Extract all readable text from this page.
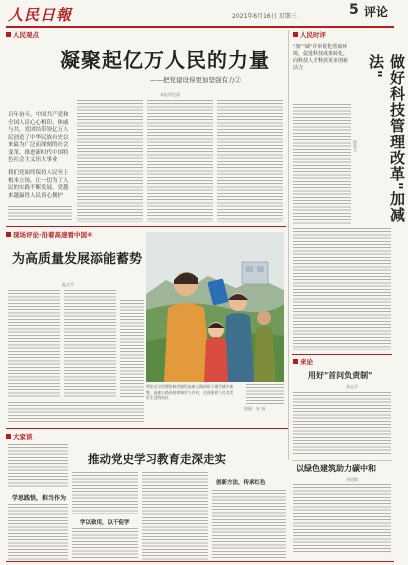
人民日報	2021年6月16日 星期三	5 评论
人民观点
凝聚起亿万人民的力量
——把党建设得更加坚强有力②
本报评论部
百年奋斗，中国共产党和全国人民心心相印、休戚与共，党团结带领亿万人民创造了中华民族有史以来最为广泛而深刻的社会变革，推进新时代中国特色社会主义伟大事业
我们党始终保持人民至上根本立场，让一切为了人民的实践不断发展，党越来越赢得人民真心拥护
人民时评
"加""减"并举优化营商环境，促进科技成果转化，向科技人才释放更多创新活力	做好科技管理改革"加减法"
徐家卫
现场评论·沿着高速看中国④
为高质量发展添能蓄势
温文平
呼伦贝尔图谱绘制者描绘高速公路网络下现代城乡新貌，高速公路连接着城市与乡村，也连接着人民对美好生活的向往
插画：宋 娟
来论
用好"首问负责制"
张志学
大家谈
学思践悟，担当作为
推动党史学习教育走深走实
学以致用，以干促学
创新方法，传承红色
以绿色建筑助力碳中和
李道敏
